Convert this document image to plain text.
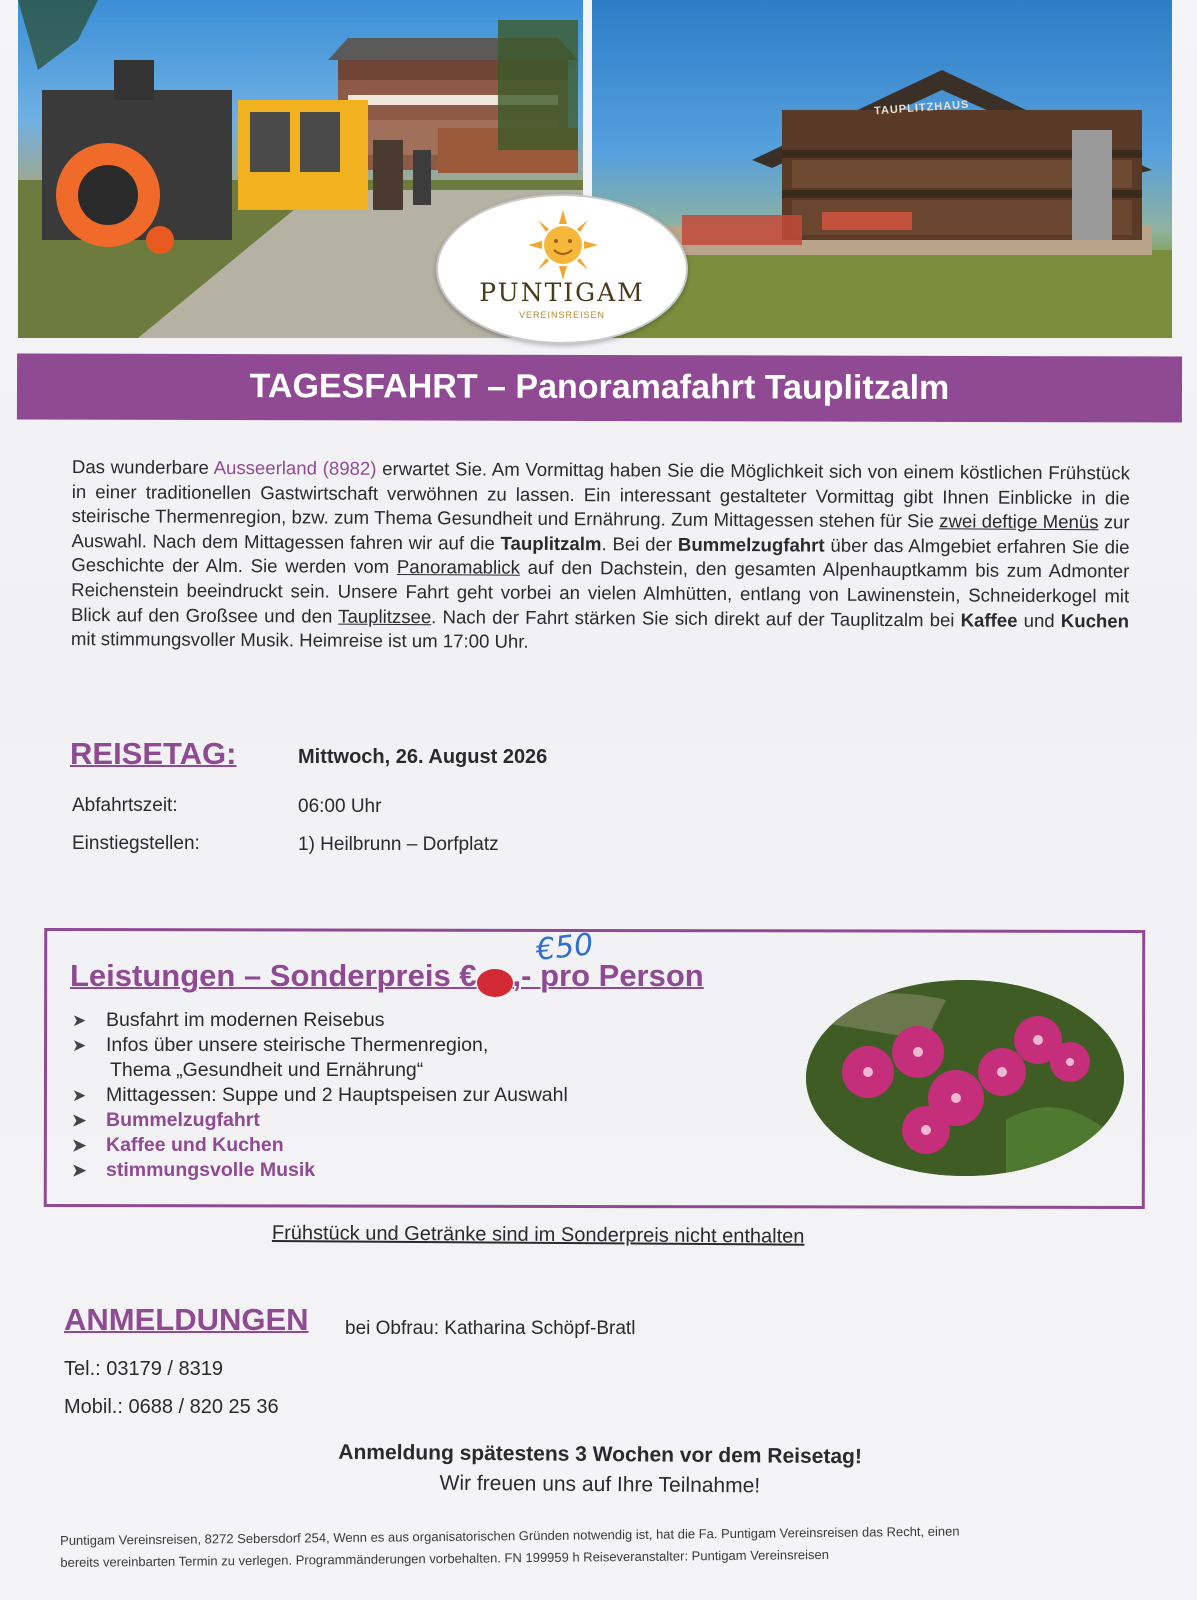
TAUPLITZHAUS
PUNTIGAM
VEREINSREISEN
TAGESFAHRT – Panoramafahrt Tauplitzalm
Das wunderbare Ausseerland (8982) erwartet Sie. Am Vormittag haben Sie die Möglichkeit sich von einem köstlichen Frühstück in einer traditionellen Gastwirtschaft verwöhnen zu lassen. Ein interessant gestalteter Vormittag gibt Ihnen Einblicke in die steirische Thermenregion, bzw. zum Thema Gesundheit und Ernährung. Zum Mittagessen stehen für Sie zwei deftige Menüs zur Auswahl. Nach dem Mittagessen fahren wir auf die Tauplitzalm. Bei der Bummelzugfahrt über das Almgebiet erfahren Sie die Geschichte der Alm. Sie werden vom Panoramablick auf den Dachstein, den gesamten Alpenhauptkamm bis zum Admonter Reichenstein beeindruckt sein. Unsere Fahrt geht vorbei an vielen Almhütten, entlang von Lawinenstein, Schneiderkogel mit Blick auf den Großsee und den Tauplitzsee. Nach der Fahrt stärken Sie sich direkt auf der Tauplitzalm bei Kaffee und Kuchen mit stimmungsvoller Musik. Heimreise ist um 17:00 Uhr.
REISETAG:	Mittwoch, 26. August 2026
Abfahrtszeit:	06:00 Uhr
Einstiegstellen:	1) Heilbrunn – Dorfplatz
Leistungen – Sonderpreis € 42 ,- pro Person
€50
➤ Busfahrt im modernen Reisebus
➤ Infos über unsere steirische Thermenregion,
Thema „Gesundheit und Ernährung“
➤ Mittagessen: Suppe und 2 Hauptspeisen zur Auswahl
➤ Bummelzugfahrt
➤ Kaffee und Kuchen
➤ stimmungsvolle Musik
Frühstück und Getränke sind im Sonderpreis nicht enthalten
ANMELDUNGEN bei Obfrau: Katharina Schöpf-Bratl
Tel.: 03179 / 8319
Mobil.: 0688 / 820 25 36
Anmeldung spätestens 3 Wochen vor dem Reisetag!
Wir freuen uns auf Ihre Teilnahme!
Puntigam Vereinsreisen, 8272 Sebersdorf 254, Wenn es aus organisatorischen Gründen notwendig ist, hat die Fa. Puntigam Vereinsreisen das Recht, einen
bereits vereinbarten Termin zu verlegen. Programmänderungen vorbehalten. FN 199959 h Reiseveranstalter: Puntigam Vereinsreisen
